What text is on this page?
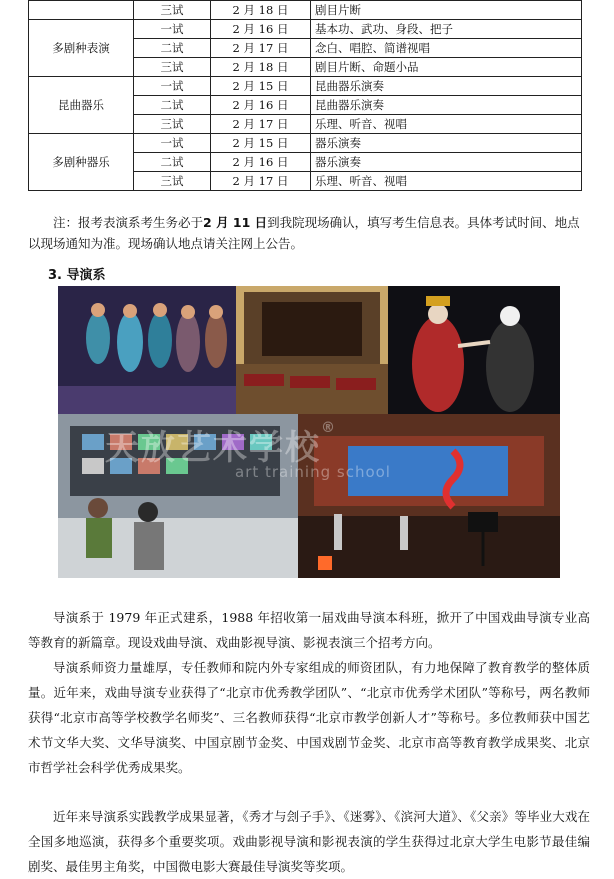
	三试	2 月 18 日	剧目片断
多剧种表演	一试	2 月 16 日	基本功、武功、身段、把子
	二试	2 月 17 日	念白、唱腔、简谱视唱
	三试	2 月 18 日	剧目片断、命题小品
昆曲器乐	一试	2 月 15 日	昆曲器乐演奏
	二试	2 月 16 日	昆曲器乐演奏
	三试	2 月 17 日	乐理、听音、视唱
多剧种器乐	一试	2 月 15 日	器乐演奏
	二试	2 月 16 日	器乐演奏
	三试	2 月 17 日	乐理、听音、视唱

注：报考表演系考生务必于2 月 11 日到我院现场确认，填写考生信息表。具体考试时间、地点以现场通知为准。现场确认地点请关注网上公告。

3. 导演系
天放艺术学校®
art training school

导演系于 1979 年正式建系，1988 年招收第一届戏曲导演本科班，掀开了中国戏曲导演专业高等教育的新篇章。现设戏曲导演、戏曲影视导演、影视表演三个招考方向。

导演系师资力量雄厚，专任教师和院内外专家组成的师资团队，有力地保障了教育教学的整体质量。近年来，戏曲导演专业获得了“北京市优秀教学团队”、“北京市优秀学术团队”等称号，两名教师获得“北京市高等学校教学名师奖”、三名教师获得“北京市教学创新人才”等称号。多位教师获中国艺术节文华大奖、文华导演奖、中国京剧节金奖、中国戏剧节金奖、北京市高等教育教学成果奖、北京市哲学社会科学优秀成果奖。

近年来导演系实践教学成果显著，《秀才与刽子手》、《迷雾》、《滨河大道》、《父亲》等毕业大戏在全国多地巡演，获得多个重要奖项。戏曲影视导演和影视表演的学生获得过北京大学生电影节最佳编剧奖、最佳男主角奖，中国微电影大赛最佳导演奖等奖项。
